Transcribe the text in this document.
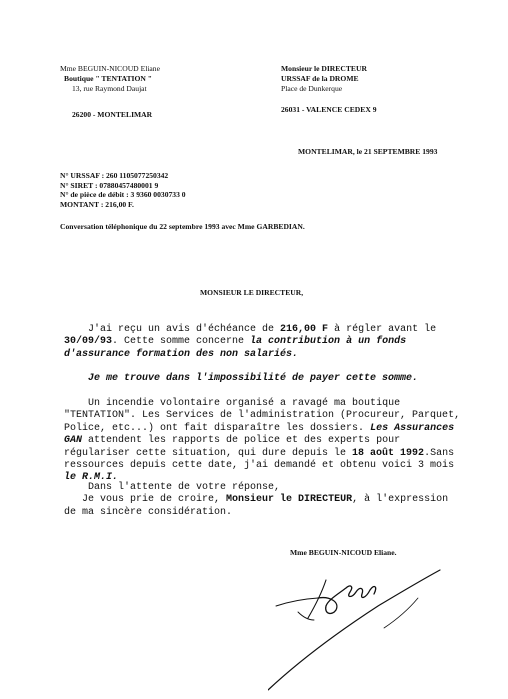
Mme BEGUIN-NICOUD Eliane
Boutique " TENTATION "
13, rue Raymond Daujat
26200 - MONTELIMAR
Monsieur le DIRECTEUR
URSSAF de la DROME
Place de Dunkerque
26031 - VALENCE CEDEX 9
MONTELIMAR, le 21 SEPTEMBRE 1993
N° URSSAF : 260 1105077250342
N° SIRET : 07880457480001 9
N° de pièce de débit : 3 9360 0030733 0
MONTANT : 216,00 F.
Conversation téléphonique du 22 septembre 1993 avec Mme GARBEDIAN.
MONSIEUR LE DIRECTEUR,
J'ai reçu un avis d'échéance de 216,00 F à régler avant le
30/09/93. Cette somme concerne la contribution à un fonds
d'assurance formation des non salariés.
Je me trouve dans l'impossibilité de payer cette somme.
Un incendie volontaire organisé a ravagé ma boutique
"TENTATION". Les Services de l'administration (Procureur, Parquet,
Police, etc...) ont fait disparaître les dossiers. Les Assurances
GAN attendent les rapports de police et des experts pour
régulariser cette situation, qui dure depuis le 18 août 1992.Sans
ressources depuis cette date, j'ai demandé et obtenu voici 3 mois
le R.M.I.
Dans l'attente de votre réponse,
Je vous prie de croire, Monsieur le DIRECTEUR, à l'expression
de ma sincère considération.
Mme BEGUIN-NICOUD Eliane.
